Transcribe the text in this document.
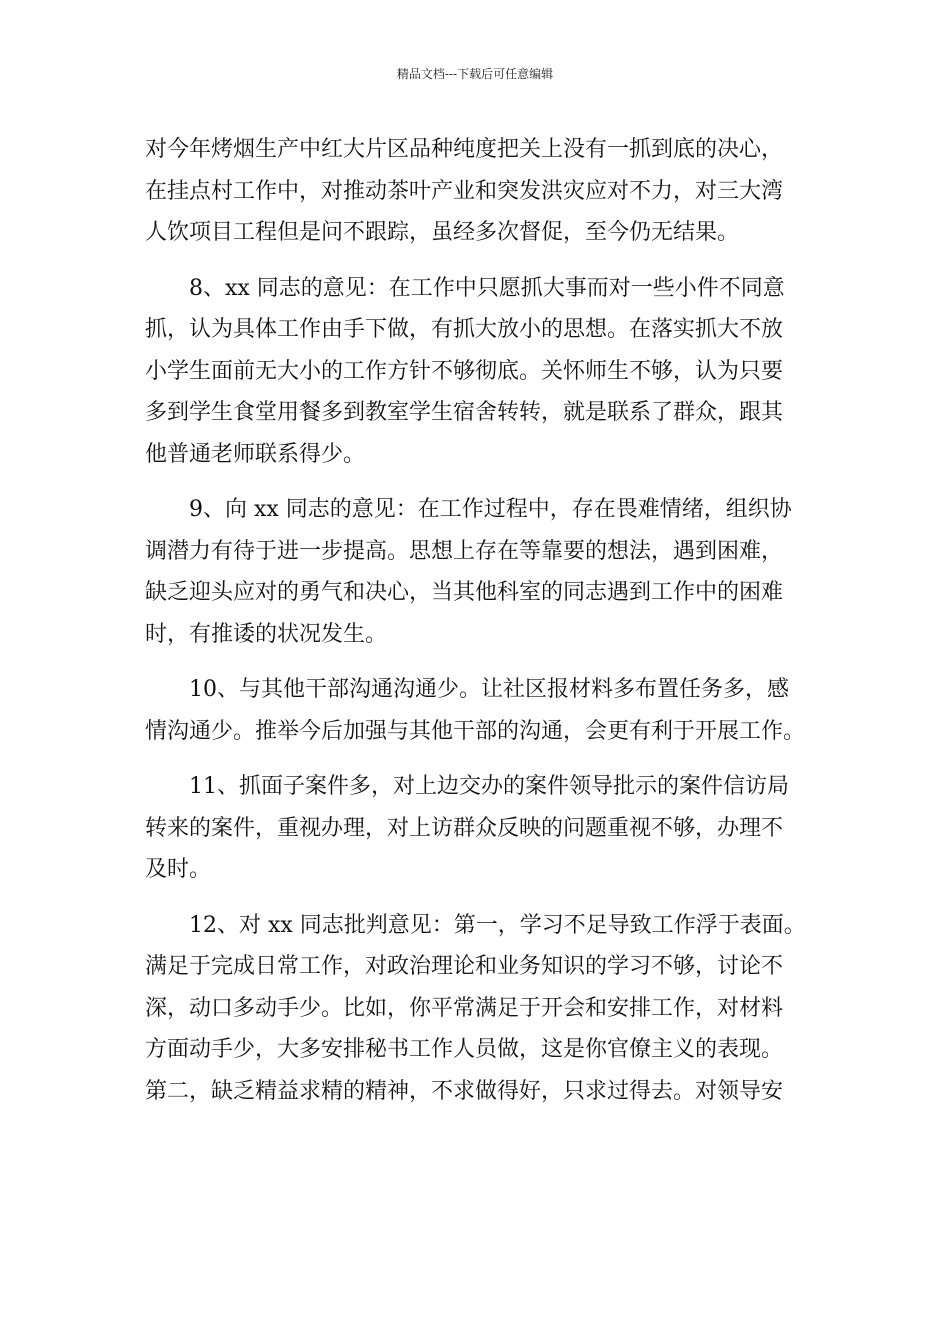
精品文档---下载后可任意编辑
对今年烤烟生产中红大片区品种纯度把关上没有一抓到底的决心，
在挂点村工作中，对推动茶叶产业和突发洪灾应对不力，对三大湾
人饮项目工程但是问不跟踪，虽经多次督促，至今仍无结果。
8、xx 同志的意见：在工作中只愿抓大事而对一些小件不同意
抓，认为具体工作由手下做，有抓大放小的思想。在落实抓大不放
小学生面前无大小的工作方针不够彻底。关怀师生不够，认为只要
多到学生食堂用餐多到教室学生宿舍转转，就是联系了群众，跟其
他普通老师联系得少。
9、向 xx 同志的意见：在工作过程中，存在畏难情绪，组织协
调潜力有待于进一步提高。思想上存在等靠要的想法，遇到困难，
缺乏迎头应对的勇气和决心，当其他科室的同志遇到工作中的困难
时，有推诿的状况发生。
10、与其他干部沟通沟通少。让社区报材料多布置任务多，感
情沟通少。推举今后加强与其他干部的沟通，会更有利于开展工作。
11、抓面子案件多，对上边交办的案件领导批示的案件信访局
转来的案件，重视办理，对上访群众反映的问题重视不够，办理不
及时。
12、对 xx 同志批判意见：第一，学习不足导致工作浮于表面。
满足于完成日常工作，对政治理论和业务知识的学习不够，讨论不
深，动口多动手少。比如，你平常满足于开会和安排工作，对材料
方面动手少，大多安排秘书工作人员做，这是你官僚主义的表现。
第二，缺乏精益求精的精神，不求做得好，只求过得去。对领导安
